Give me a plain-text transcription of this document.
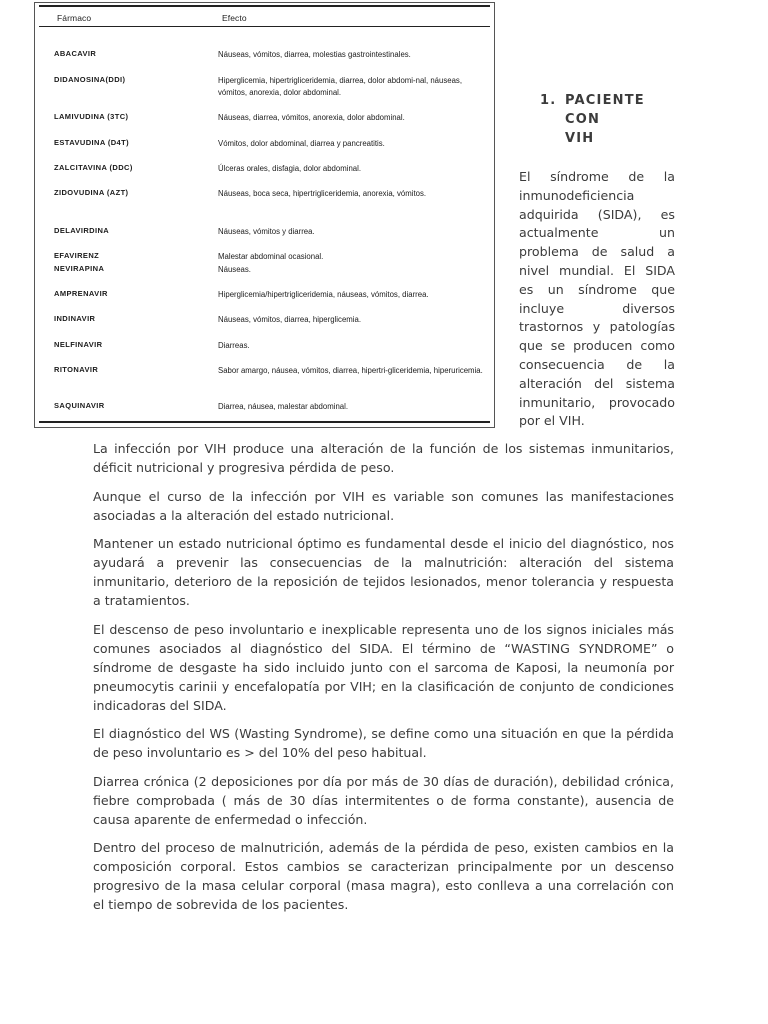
Fármaco	Efecto
ABACAVIR	Náuseas, vómitos, diarrea, molestias gastrointestinales.
DIDANOSINA(DDI)	Hiperglicemia, hipertrigliceridemia, diarrea, dolor abdomi-nal, náuseas, vómitos, anorexia, dolor abdominal.
LAMIVUDINA (3TC)	Náuseas, diarrea, vómitos, anorexia, dolor abdominal.
ESTAVUDINA (D4T)	Vómitos, dolor abdominal, diarrea y pancreatitis.
ZALCITAVINA (DDC)	Úlceras orales, disfagia, dolor abdominal.
ZIDOVUDINA (AZT)	Náuseas, boca seca, hipertrigliceridemia, anorexia, vómitos.
DELAVIRDINA	Náuseas, vómitos y diarrea.
EFAVIRENZ	Malestar abdominal ocasional.
NEVIRAPINA	Náuseas.
AMPRENAVIR	Hiperglicemia/hipertrigliceridemia, náuseas, vómitos, diarrea.
INDINAVIR	Náuseas, vómitos, diarrea, hiperglicemia.
NELFINAVIR	Diarreas.
RITONAVIR	Sabor amargo, náusea, vómitos, diarrea, hipertri-gliceridemia, hiperuricemia.
SAQUINAVIR	Diarrea, náusea, malestar abdominal.
1. PACIENTE CON
VIH
El síndrome de la inmunodeficiencia adquirida (SIDA), es actualmente un problema de salud a nivel mundial. El SIDA es un síndrome que incluye diversos trastornos y patologías que se producen como consecuencia de la alteración del sistema inmunitario, provocado por el VIH.

La infección por VIH produce una alteración de la función de los sistemas inmunitarios, déficit nutricional y progresiva pérdida de peso.

Aunque el curso de la infección por VIH es variable son comunes las manifestaciones asociadas a la alteración del estado nutricional.

Mantener un estado nutricional óptimo es fundamental desde el inicio del diagnóstico, nos ayudará a prevenir las consecuencias de la malnutrición: alteración del sistema inmunitario, deterioro de la reposición de tejidos lesionados, menor tolerancia y respuesta a tratamientos.

El descenso de peso involuntario e inexplicable representa uno de los signos iniciales más comunes asociados al diagnóstico del SIDA. El término de “WASTING SYNDROME” o síndrome de desgaste ha sido incluido junto con el sarcoma de Kaposi, la neumonía por pneumocytis carinii y encefalopatía por VIH; en la clasificación de conjunto de condiciones indicadoras del SIDA.

El diagnóstico del WS (Wasting Syndrome), se define como una situación en que la pérdida de peso involuntario es > del 10% del peso habitual.

Diarrea crónica (2 deposiciones por día por más de 30 días de duración), debilidad crónica, fiebre comprobada ( más de 30 días intermitentes o de forma constante), ausencia de causa aparente de enfermedad o infección.

Dentro del proceso de malnutrición, además de la pérdida de peso, existen cambios en la composición corporal. Estos cambios se caracterizan principalmente por un descenso progresivo de la masa celular corporal (masa magra), esto conlleva a una correlación con el tiempo de sobrevida de los pacientes.
